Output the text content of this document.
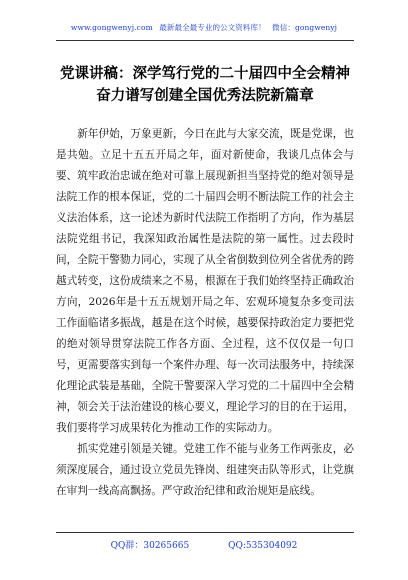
www.gongwenyj.com 最新最全最专业的公文资料库！ 微信：gongwenyj
党课讲稿：深学笃行党的二十届四中全会精神奋力谱写创建全国优秀法院新篇章

新年伊始，万象更新，今日在此与大家交流，既是党课，也是共勉。立足十五五开局之年，面对新使命，我谈几点体会与要、筑牢政治忠诚在绝对可靠上展现新担当坚持党的绝对领导是法院工作的根本保证，党的二十届四会明不断法院工作的社会主义法治体系，这一论述为新时代法院工作指明了方向，作为基层法院党组书记，我深知政治属性是法院的第一属性。过去段时间，全院干警勠力同心，实现了从全省倒数到位列全省优秀的跨越式转变，这份成绩来之不易，根源在于我们始终坚持正确政治方向，2026年是十五五规划开局之年、宏观环境复杂多变司法工作面临诸多振战，越是在这个时候，越要保持政治定力要把党的绝对领导贯穿法院工作各方面、全过程，这不仅仅是一句口号，更需要落实到每一个案件办理、每一次司法服务中，持续深化理论武装是基础，全院干警要深入学习党的二十届四中全会精神，领会关于法治建设的核心要义，理论学习的目的在于运用，我们要将学习成果转化为推动工作的实际动力。

抓实党建引领是关键。党建工作不能与业务工作两张皮，必须深度展合，通过设立党员先锋岗、组建突击队等形式，让党旗在审判一线高高飘扬。严守政治纪律和政治规矩是底线。

QQ群：30265665	QQ:535304092
